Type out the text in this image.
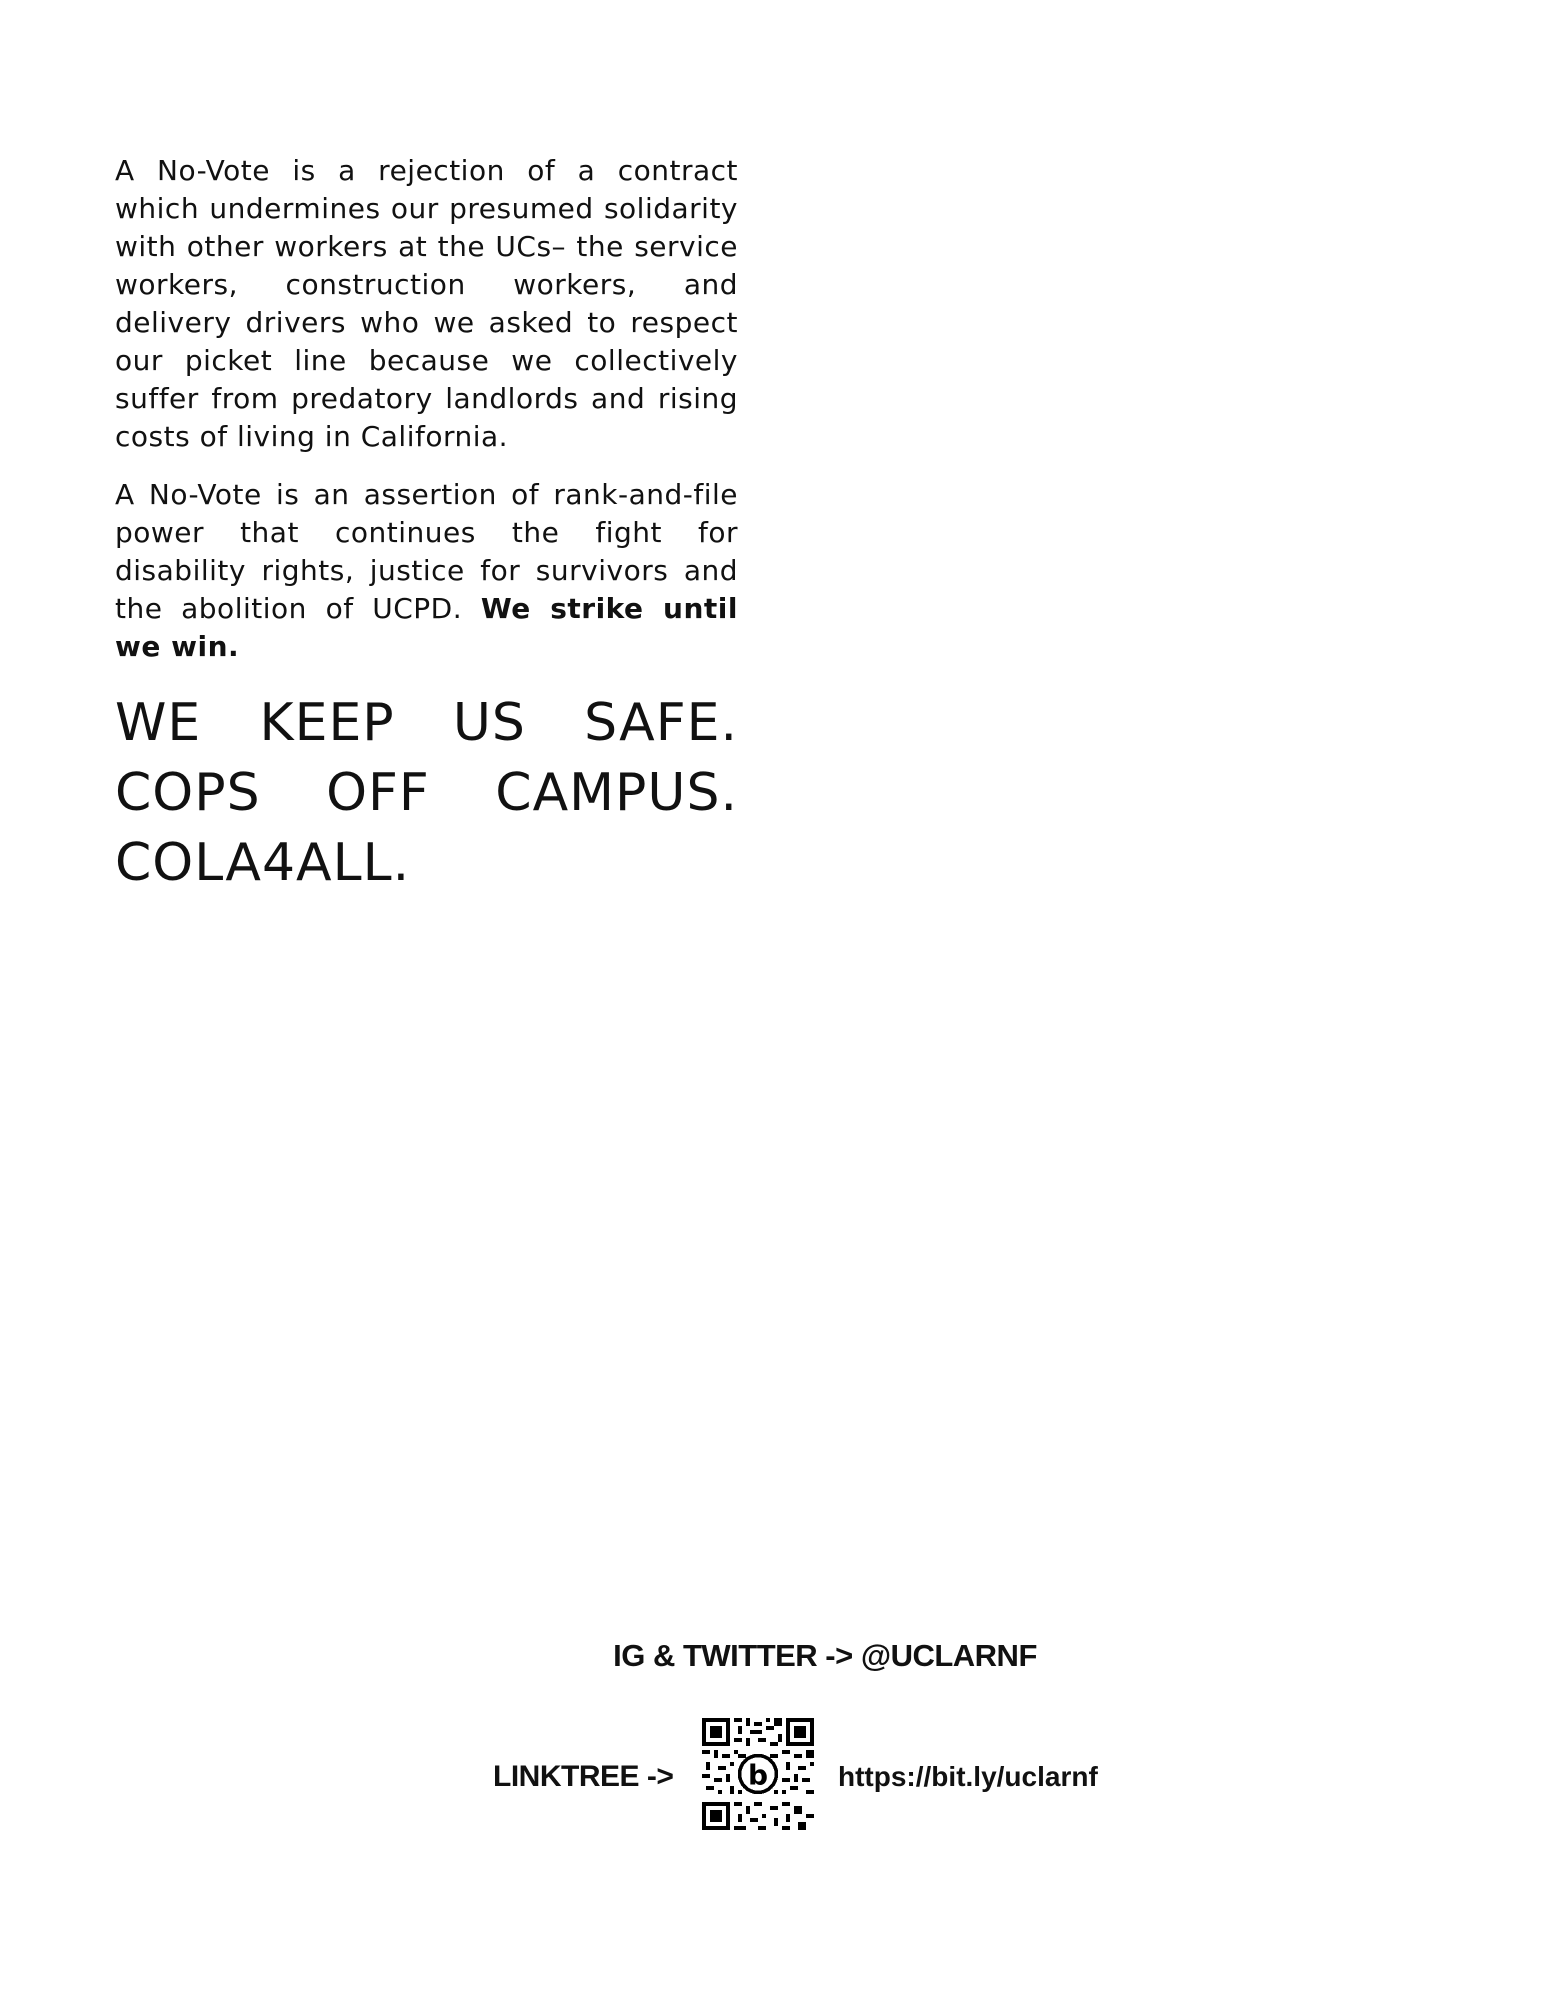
A No-Vote is a rejection of a contract which undermines our presumed solidarity with other workers at the UCs– the service workers, construction workers, and delivery drivers who we asked to respect our picket line because we collectively suffer from predatory landlords and rising costs of living in California.

A No-Vote is an assertion of rank-and-file power that continues the fight for disability rights, justice for survivors and the abolition of UCPD. We strike until we win.

WE KEEP US SAFE. COPS OFF CAMPUS. COLA4ALL.
IG & TWITTER -> @UCLARNF
LINKTREE ->	b https://bit.ly/uclarnf
